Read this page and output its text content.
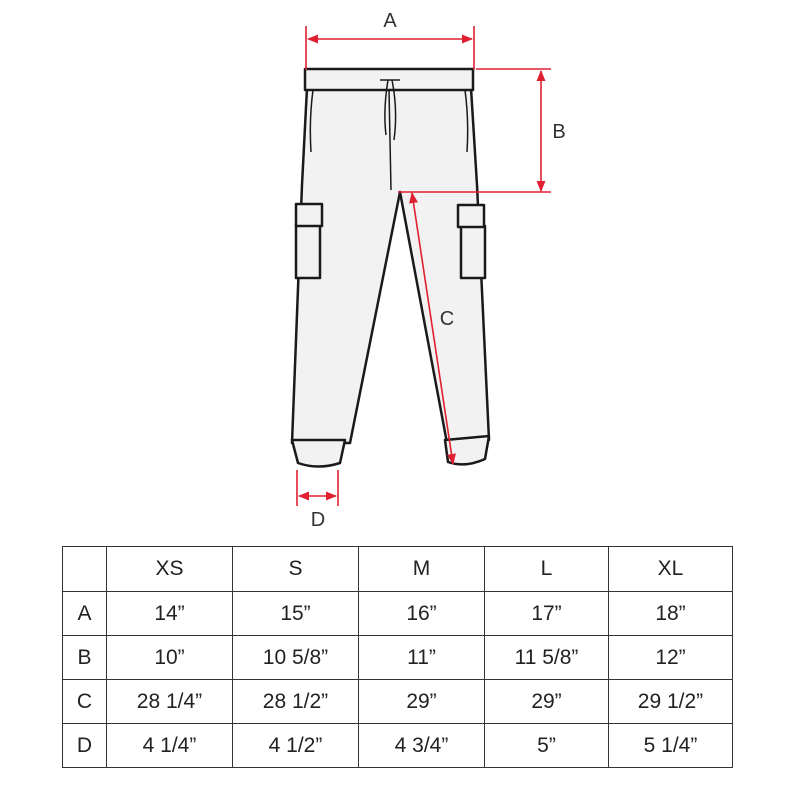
A
B
C
D
	XS	S	M	L	XL
A	14”	15”	16”	17”	18”
B	10”	10 5/8”	11”	11 5/8”	12”
C	28 1/4”	28 1/2”	29”	29”	29 1/2”
D	4 1/4”	4 1/2”	4 3/4”	5”	5 1/4”
